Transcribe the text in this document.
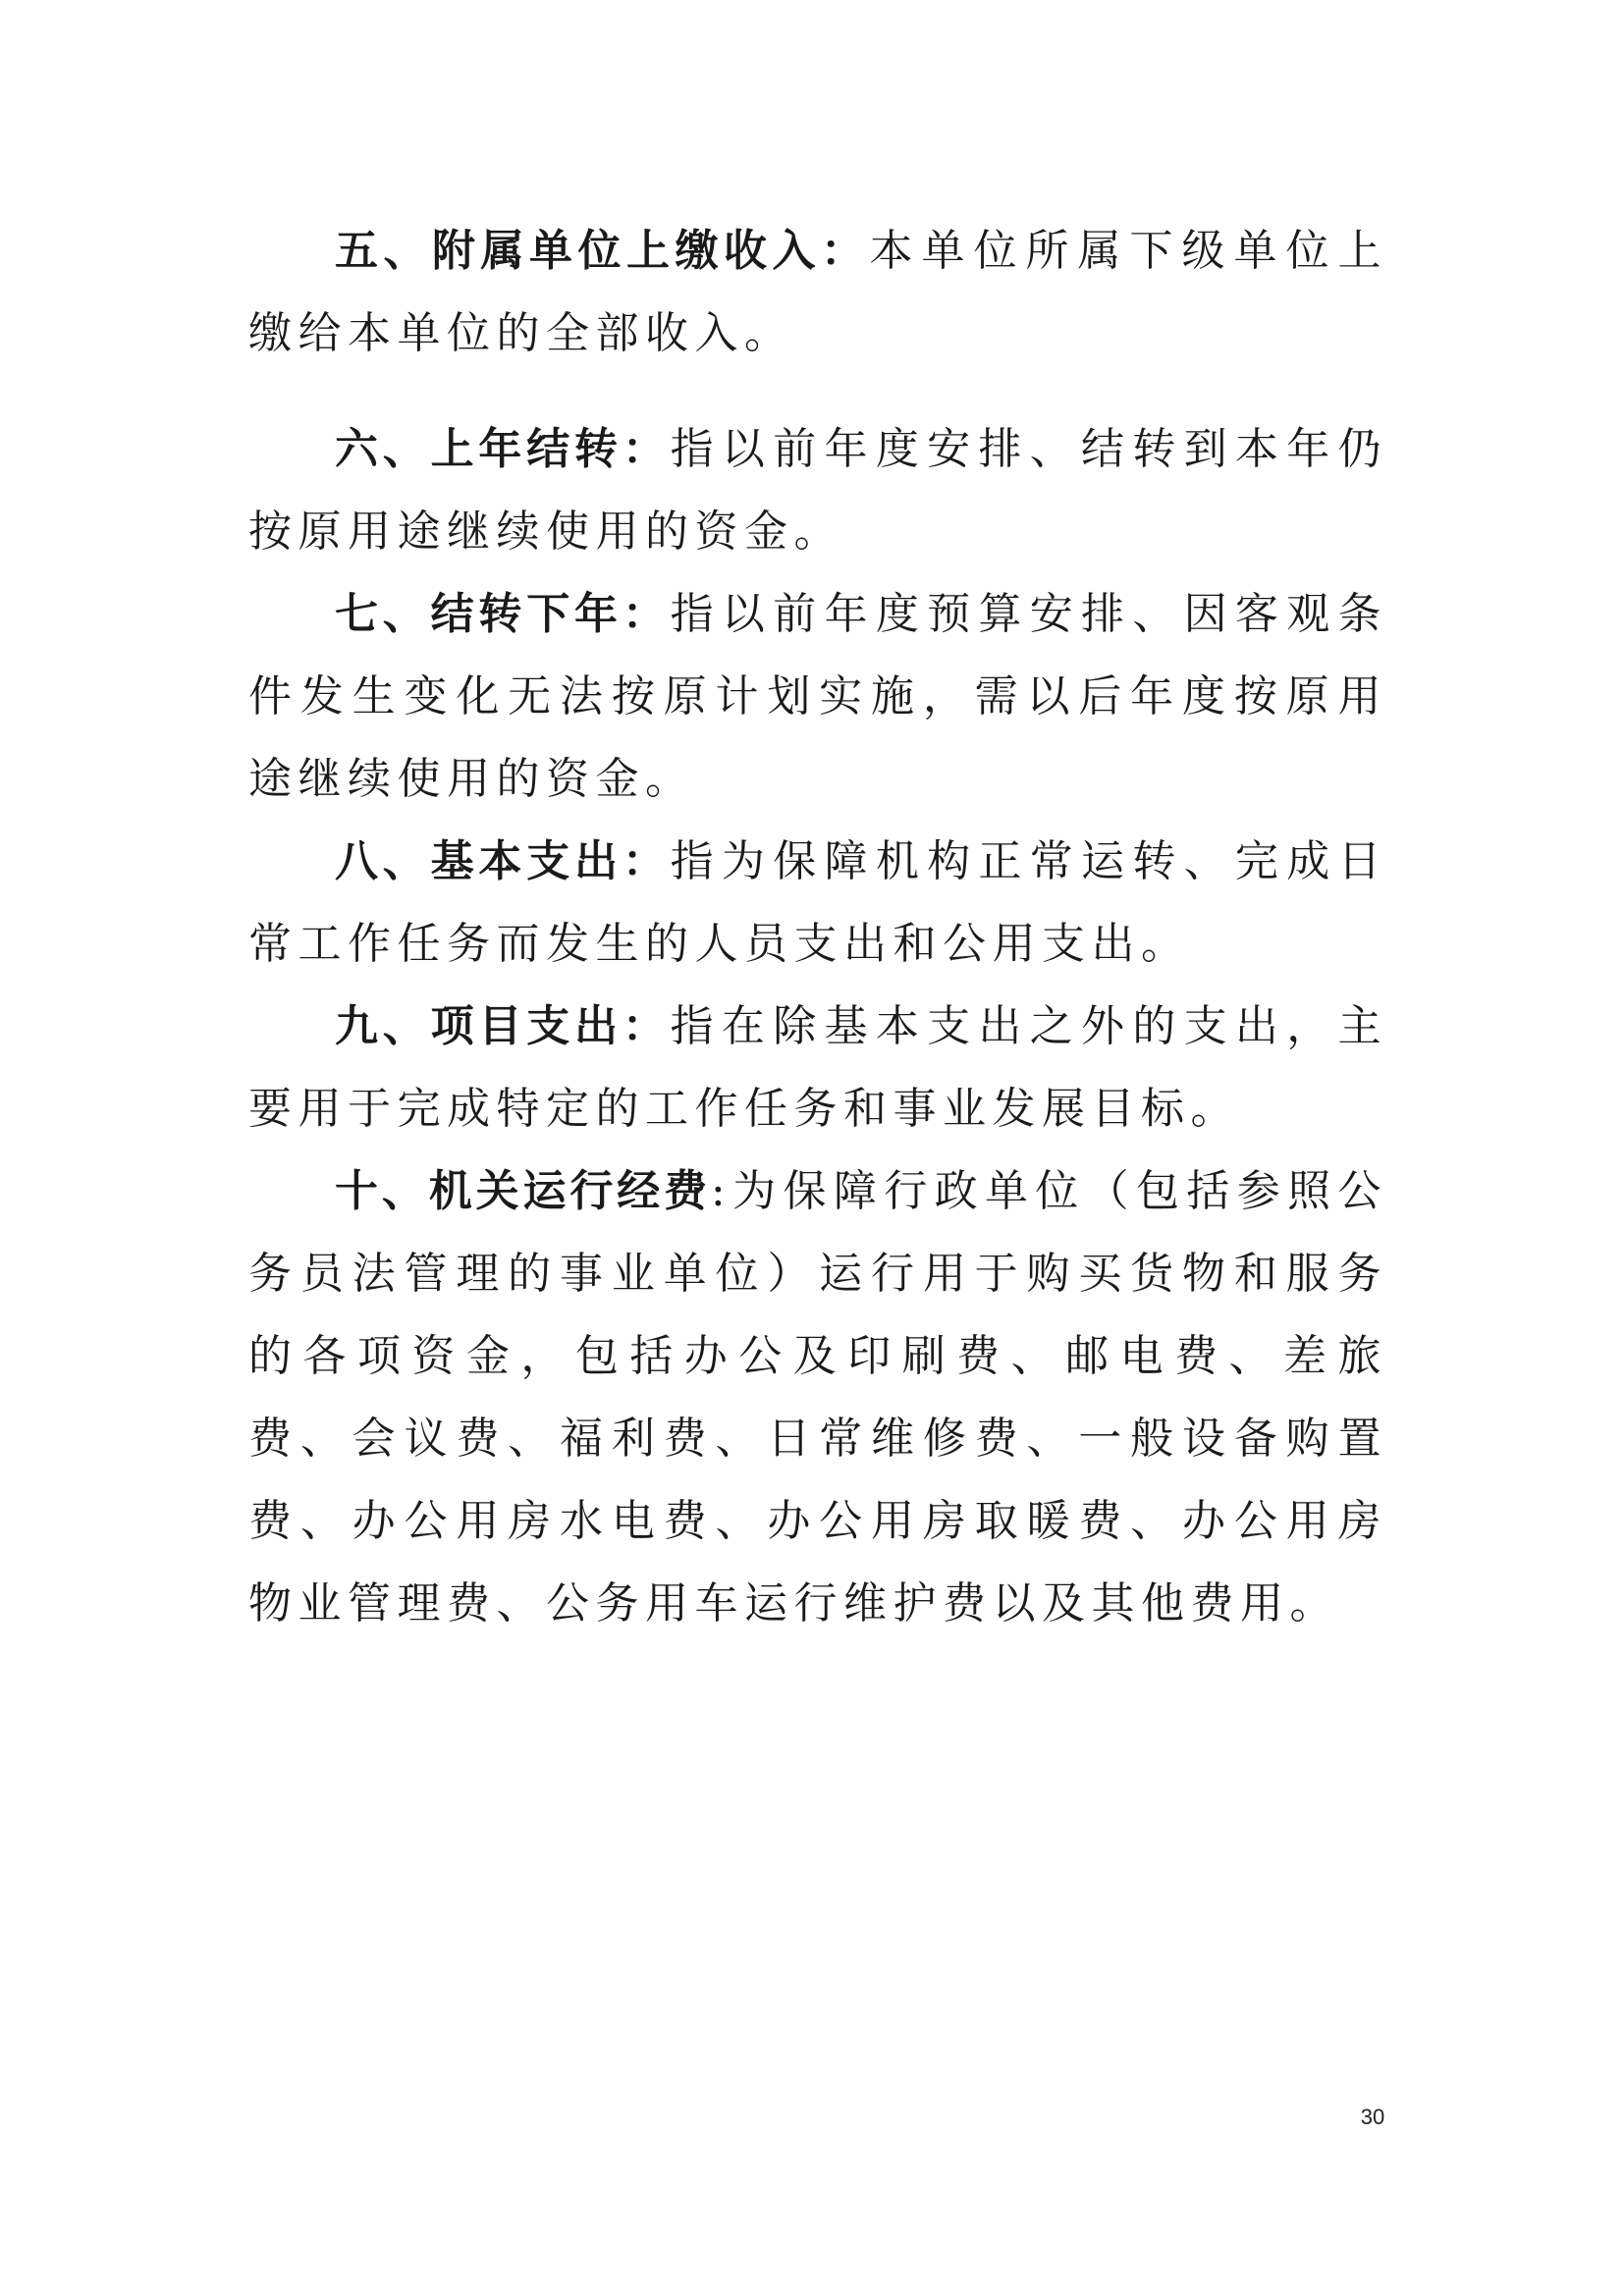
五、附属单位上缴收入：本单位所属下级单位上缴给本单位的全部收入。

六、上年结转：指以前年度安排、结转到本年仍按原用途继续使用的资金。

七、结转下年：指以前年度预算安排、因客观条件发生变化无法按原计划实施，需以后年度按原用途继续使用的资金。

八、基本支出：指为保障机构正常运转、完成日常工作任务而发生的人员支出和公用支出。

九、项目支出：指在除基本支出之外的支出，主要用于完成特定的工作任务和事业发展目标。

十、机关运行经费:为保障行政单位（包括参照公务员法管理的事业单位）运行用于购买货物和服务的各项资金，包括办公及印刷费、邮电费、差旅费、会议费、福利费、日常维修费、一般设备购置费、办公用房水电费、办公用房取暖费、办公用房物业管理费、公务用车运行维护费以及其他费用。

30
